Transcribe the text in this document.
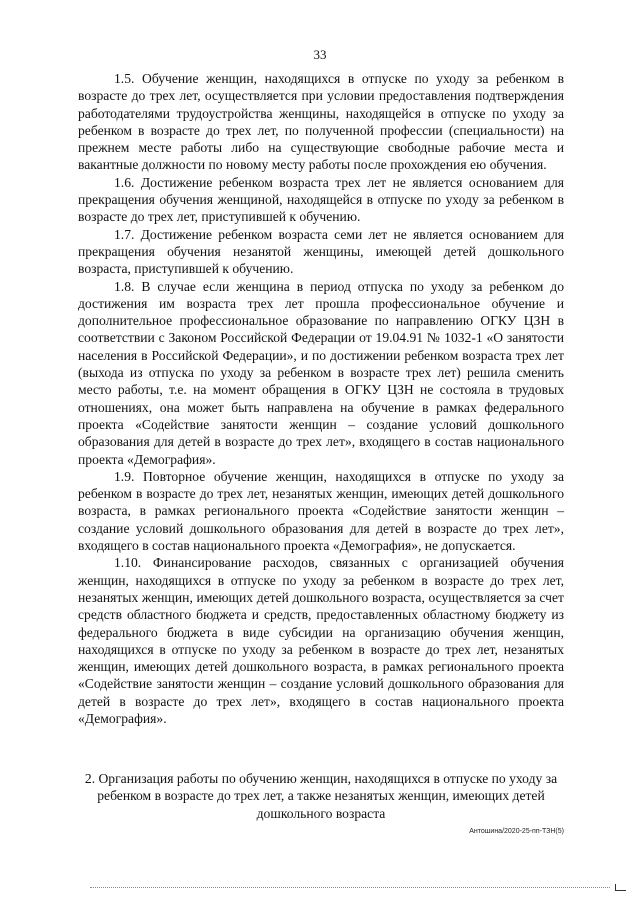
33

1.5. Обучение женщин, находящихся в отпуске по уходу за ребенком в возрасте до трех лет, осуществляется при условии предоставления подтверждения работодателями трудоустройства женщины, находящейся в отпуске по уходу за ребенком в возрасте до трех лет, по полученной профессии (специальности) на прежнем месте работы либо на существующие свободные рабочие места и вакантные должности по новому месту работы после прохождения ею обучения.

1.6. Достижение ребенком возраста трех лет не является основанием для прекращения обучения женщиной, находящейся в отпуске по уходу за ребенком в возрасте до трех лет, приступившей к обучению.

1.7. Достижение ребенком возраста семи лет не является основанием для прекращения обучения незанятой женщины, имеющей детей дошкольного возраста, приступившей к обучению.

1.8. В случае если женщина в период отпуска по уходу за ребенком до достижения им возраста трех лет прошла профессиональное обучение и дополнительное профессиональное образование по направлению ОГКУ ЦЗН в соответствии с Законом Российской Федерации от 19.04.91 № 1032-1 «О занятости населения в Российской Федерации», и по достижении ребенком возраста трех лет (выхода из отпуска по уходу за ребенком в возрасте трех лет) решила сменить место работы, т.е. на момент обращения в ОГКУ ЦЗН не состояла в трудовых отношениях, она может быть направлена на обучение в рамках федерального проекта «Содействие занятости женщин – создание условий дошкольного образования для детей в возрасте до трех лет», входящего в состав национального проекта «Демография».

1.9. Повторное обучение женщин, находящихся в отпуске по уходу за ребенком в возрасте до трех лет, незанятых женщин, имеющих детей дошкольного возраста, в рамках регионального проекта «Содействие занятости женщин – создание условий дошкольного образования для детей в возрасте до трех лет», входящего в состав национального проекта «Демография», не допускается.

1.10. Финансирование расходов, связанных с организацией обучения женщин, находящихся в отпуске по уходу за ребенком в возрасте до трех лет, незанятых женщин, имеющих детей дошкольного возраста, осуществляется за счет средств областного бюджета и средств, предоставленных областному бюджету из федерального бюджета в виде субсидии на организацию обучения женщин, находящихся в отпуске по уходу за ребенком в возрасте до трех лет, незанятых женщин, имеющих детей дошкольного возраста, в рамках регионального проекта «Содействие занятости женщин – создание условий дошкольного образования для детей в возрасте до трех лет», входящего в состав национального проекта «Демография».

2. Организация работы по обучению женщин, находящихся в отпуске по уходу за ребенком в возрасте до трех лет, а также незанятых женщин, имеющих детей дошкольного возраста

Антошина/2020-25-пп-ТЗН(5)
